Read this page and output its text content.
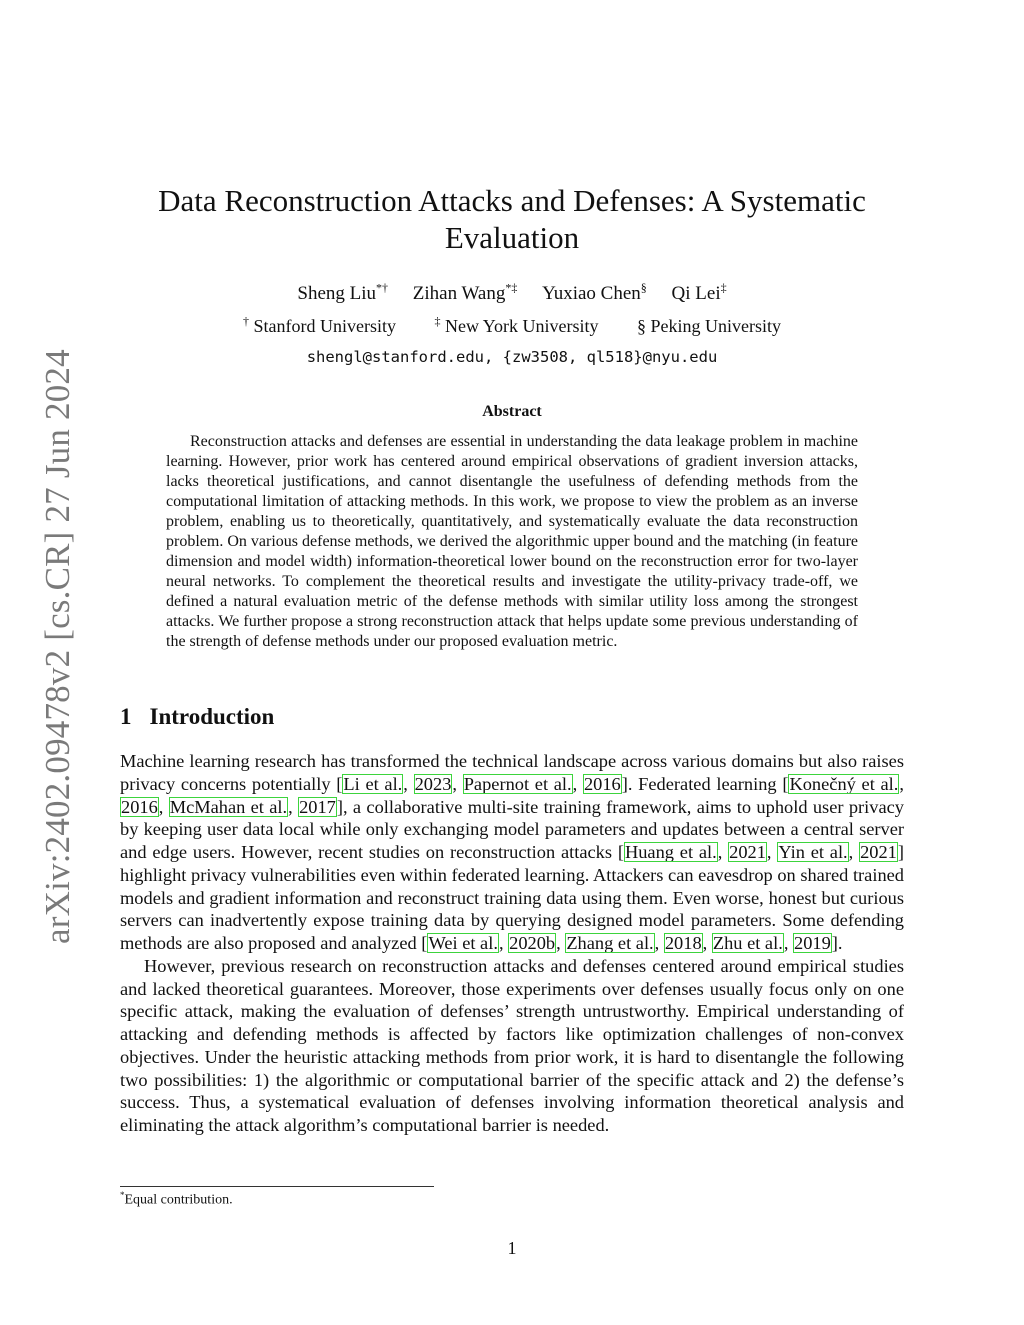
arXiv:2402.09478v2 [cs.CR] 27 Jun 2024
Data Reconstruction Attacks and Defenses: A Systematic Evaluation
Sheng Liu*† Zihan Wang*‡ Yuxiao Chen§ Qi Lei‡
† Stanford University	‡ New York University § Peking University
shengl@stanford.edu, {zw3508, ql518}@nyu.edu
Abstract

Reconstruction attacks and defenses are essential in understanding the data leakage problem in machine learning. However, prior work has centered around empirical observations of gradient inversion attacks, lacks theoretical justifications, and cannot disentangle the usefulness of defending methods from the computational limitation of attacking methods. In this work, we propose to view the problem as an inverse problem, enabling us to theoretically, quantitatively, and systematically evaluate the data reconstruction problem. On various defense methods, we derived the algorithmic upper bound and the matching (in feature dimension and model width) information-theoretical lower bound on the reconstruction error for two-layer neural networks. To complement the theoretical results and investigate the utility-privacy trade-off, we defined a natural evaluation metric of the defense methods with similar utility loss among the strongest attacks. We further propose a strong reconstruction attack that helps update some previous understanding of the strength of defense methods under our proposed evaluation metric.

1 Introduction

Machine learning research has transformed the technical landscape across various domains but also raises privacy concerns potentially [Li et al., 2023, Papernot et al., 2016]. Federated learning [Konečný et al., 2016, McMahan et al., 2017], a collaborative multi-site training framework, aims to uphold user privacy by keeping user data local while only exchanging model parameters and updates between a central server and edge users. However, recent studies on reconstruction attacks [Huang et al., 2021, Yin et al., 2021] highlight privacy vulnerabilities even within federated learning. Attackers can eavesdrop on shared trained models and gradient information and reconstruct training data using them. Even worse, honest but curious servers can inadvertently expose training data by querying designed model parameters. Some defending methods are also proposed and analyzed [Wei et al., 2020b, Zhang et al., 2018, Zhu et al., 2019].

However, previous research on reconstruction attacks and defenses centered around empirical studies and lacked theoretical guarantees. Moreover, those experiments over defenses usually focus only on one specific attack, making the evaluation of defenses’ strength untrustworthy. Empirical understanding of attacking and defending methods is affected by factors like optimization challenges of non-convex objectives. Under the heuristic attacking methods from prior work, it is hard to disentangle the following two possibilities: 1) the algorithmic or computational barrier of the specific attack and 2) the defense’s success. Thus, a systematical evaluation of defenses involving information theoretical analysis and eliminating the attack algorithm’s computational barrier is needed.

*Equal contribution.
1
